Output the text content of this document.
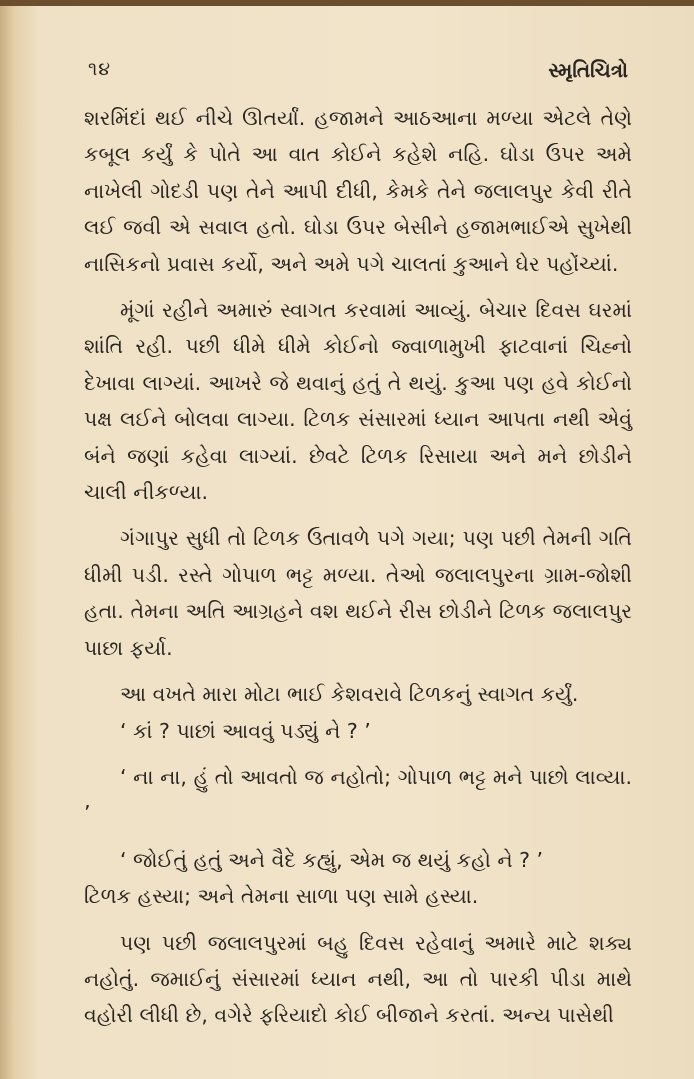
૧૪	સ્મૃતિચિત્રો

શરમિંદાં થઈ નીચે ઊતર્યાં. હજામને આઠઆના મળ્યા એટલે તેણે કબૂલ કર્યું કે પોતે આ વાત કોઈને કહેશે નહિ. ઘોડા ઉપર અમે નાખેલી ગોદડી પણ તેને આપી દીધી, કેમકે તેને જલાલપુર કેવી રીતે લઈ જવી એ સવાલ હતો. ઘોડા ઉપર બેસીને હજામભાઈએ સુખેથી નાસિકનો પ્રવાસ કર્યો, અને અમે પગે ચાલતાં કુઆને ઘેર પહોંચ્યાં.

મૂંગાં રહીને અમારું સ્વાગત કરવામાં આવ્યું. બેચાર દિવસ ઘરમાં શાંતિ રહી. પછી ધીમે ધીમે કોઈનો જ્વાળામુખી ફાટવાનાં ચિહ્નો દેખાવા લાગ્યાં. આખરે જે થવાનું હતું તે થયું. કુઆ પણ હવે કોઈનો પક્ષ લઈને બોલવા લાગ્યા. ટિળક સંસારમાં ધ્યાન આપતા નથી એવું બંને જણાં કહેવા લાગ્યાં. છેવટે ટિળક રિસાયા અને મને છોડીને ચાલી નીકળ્યા.

ગંગાપુર સુધી તો ટિળક ઉતાવળે પગે ગયા; પણ પછી તેમની ગતિ ધીમી પડી. રસ્તે ગોપાળ ભટ્ટ મળ્યા. તેઓ જલાલપુરના ગ્રામ-જોશી હતા. તેમના અતિ આગ્રહને વશ થઈને રીસ છોડીને ટિળક જલાલપુર પાછા ફર્યા.

આ વખતે મારા મોટા ભાઈ કેશવરાવે ટિળકનું સ્વાગત કર્યું.

‘ કાં ? પાછાં આવવું પડ્યું ને ? ’

‘ ના ના, હું તો આવતો જ નહોતો; ગોપાળ ભટ્ટ મને પાછો લાવ્યા. ’

‘ જોઈતું હતું અને વૈદે કહ્યું, એમ જ થયું કહો ને ? ’

ટિળક હસ્યા; અને તેમના સાળા પણ સામે હસ્યા.

પણ પછી જલાલપુરમાં બહુ દિવસ રહેવાનું અમારે માટે શક્ય નહોતું. જમાઈનું સંસારમાં ધ્યાન નથી, આ તો પારકી પીડા માથે વહોરી લીધી છે, વગેરે ફરિયાદો કોઈ બીજાને કરતાં. અન્ય પાસેથી
